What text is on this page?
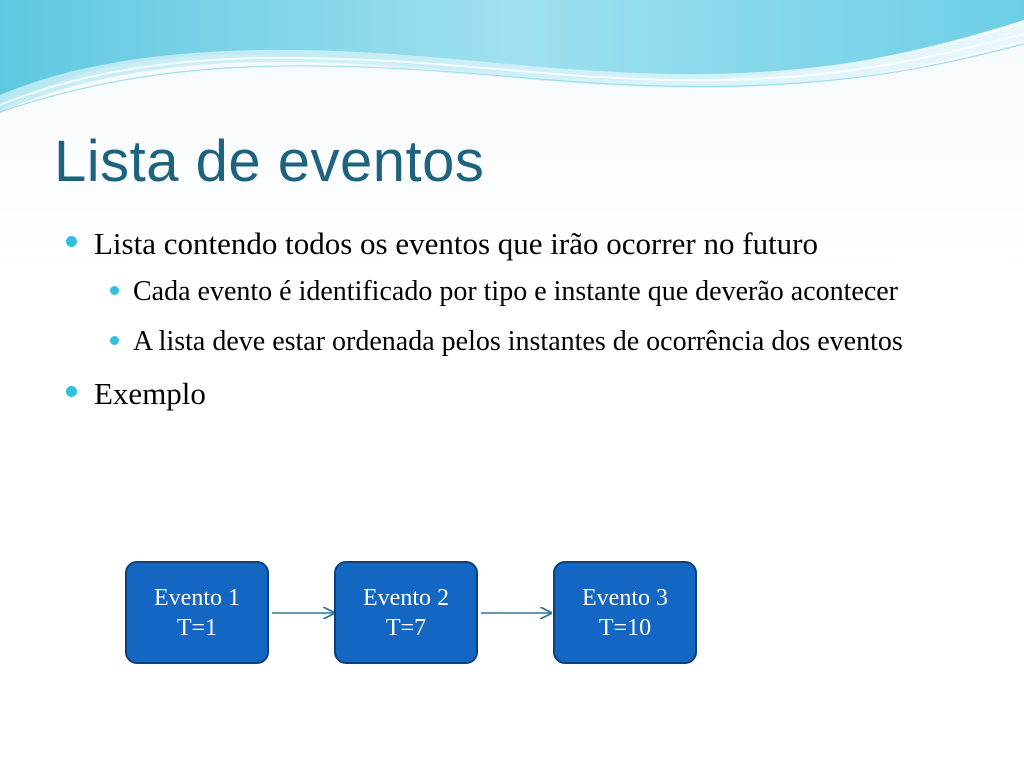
Lista de eventos
Lista contendo todos os eventos que irão ocorrer no futuro
Cada evento é identificado por tipo e instante que deverão acontecer
A lista deve estar ordenada pelos instantes de ocorrência dos eventos
Exemplo
Evento 1
T=1
Evento 2
T=7
Evento 3
T=10
